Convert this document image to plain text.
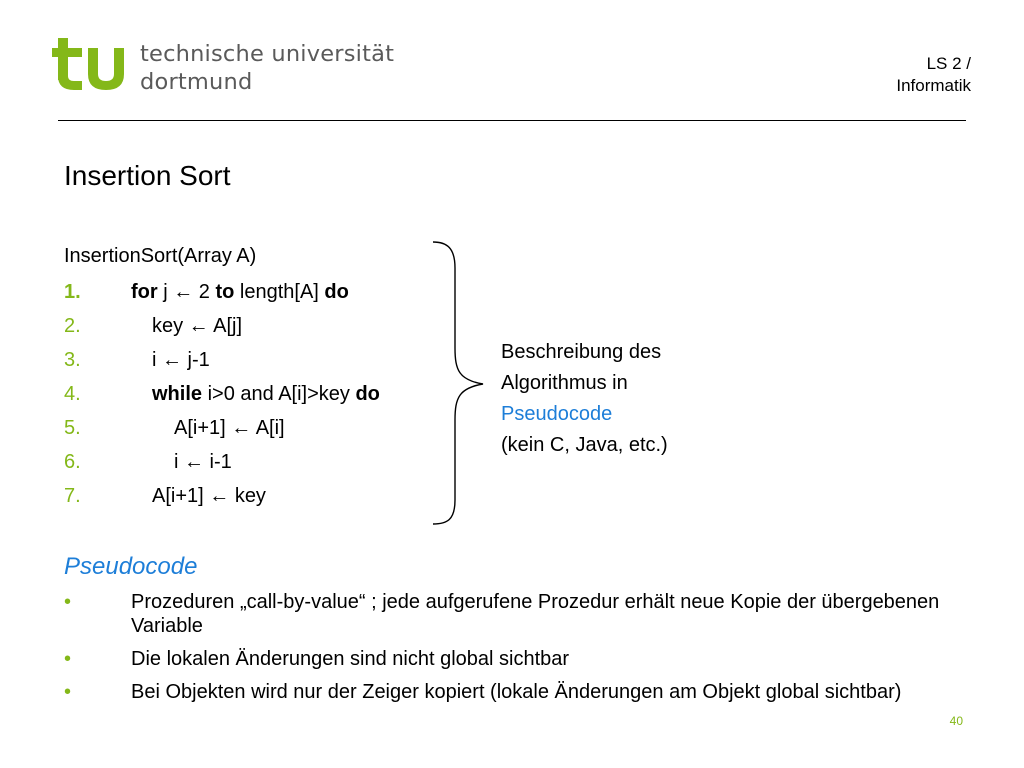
technische universität
dortmund
LS 2 /
Informatik
Insertion Sort
InsertionSort(Array A)
1.	for j ← 2 to length[A] do
2.	key ← A[j]
3.	i ← j-1
4.	while i>0 and A[i]>key do
5.	A[i+1] ← A[i]
6.	i ← i-1
7.	A[i+1] ← key
Beschreibung des
Algorithmus in
Pseudocode
(kein C, Java, etc.)
Pseudocode
•	Prozeduren „call-by-value“ ; jede aufgerufene Prozedur erhält neue Kopie der übergebenen Variable
•	Die lokalen Änderungen sind nicht global sichtbar
•	Bei Objekten wird nur der Zeiger kopiert (lokale Änderungen am Objekt global sichtbar)
40
